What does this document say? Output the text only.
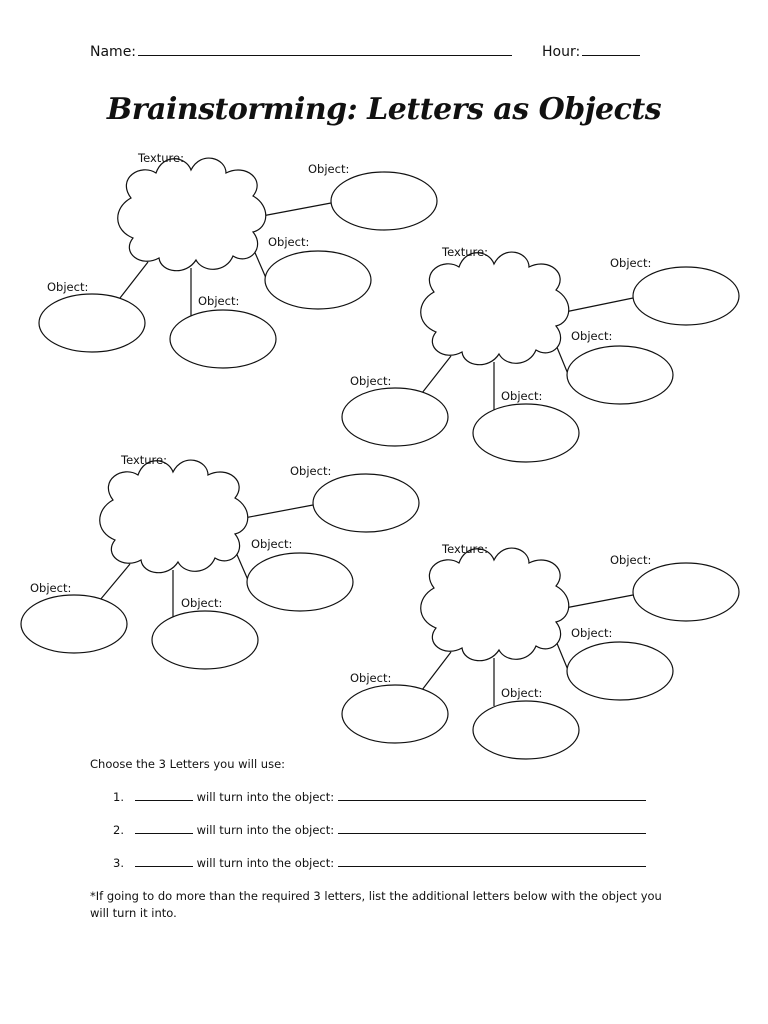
Name:	Hour:
Brainstorming: Letters as Objects
Texture:
Object:
Object:
Object:
Object:
Texture:
Object:
Object:
Object:
Object:
Texture:
Object:
Object:
Object:
Object:
Texture:
Object:
Object:
Object:
Object:
Choose the 3 Letters you will use:
1.	will turn into the object:
2.	will turn into the object:
3.	will turn into the object:
*If going to do more than the required 3 letters, list the additional letters below with the object you will turn it into.
